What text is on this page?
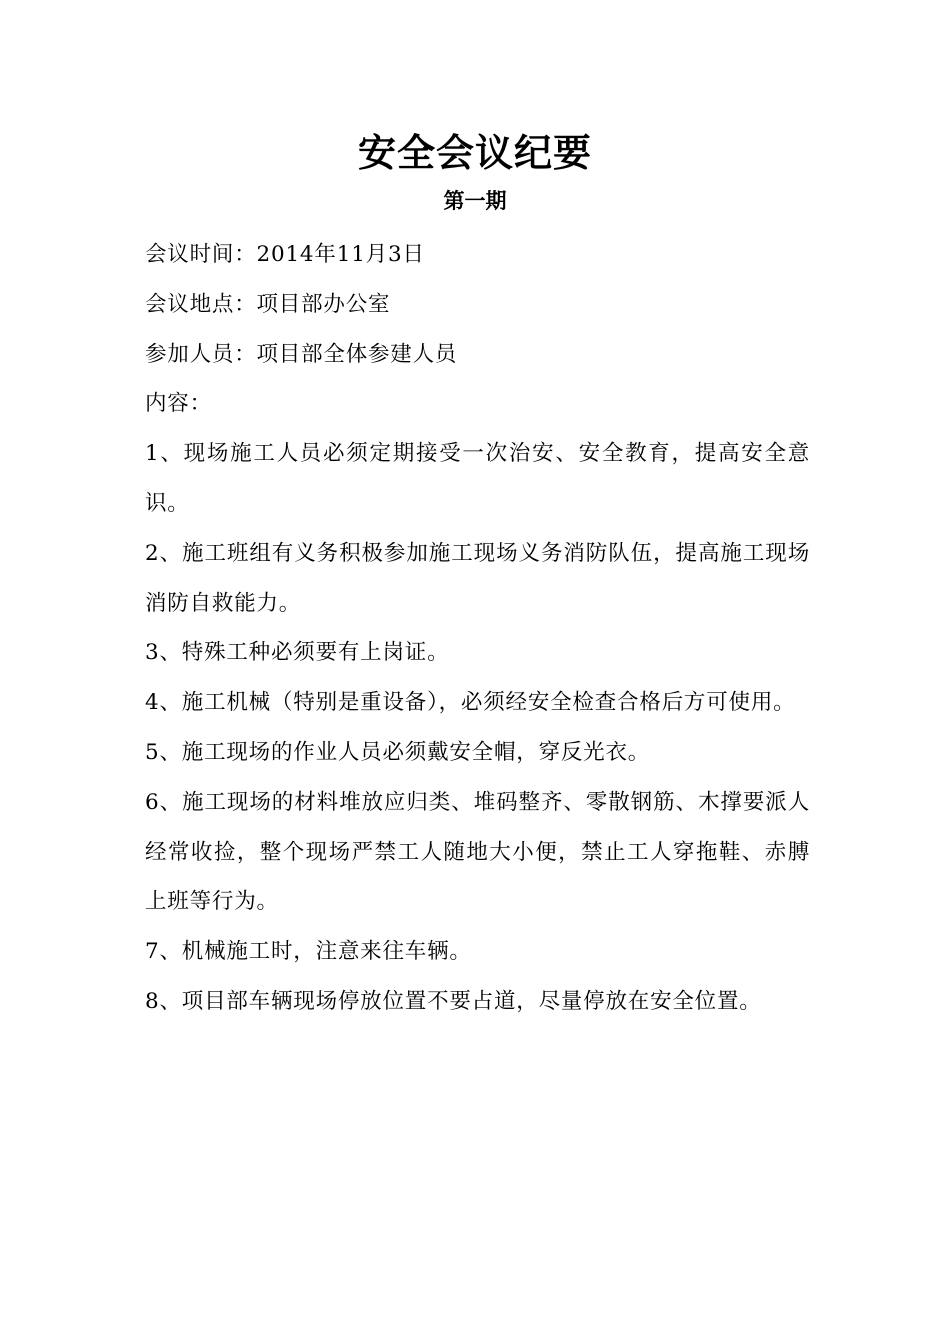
安全会议纪要
第一期

会议时间：2014年11月3日

会议地点：项目部办公室

参加人员：项目部全体参建人员

内容：

1、现场施工人员必须定期接受一次治安、安全教育，提高安全意识。

2、施工班组有义务积极参加施工现场义务消防队伍，提高施工现场消防自救能力。

3、特殊工种必须要有上岗证。

4、施工机械（特别是重设备），必须经安全检查合格后方可使用。

5、施工现场的作业人员必须戴安全帽，穿反光衣。

6、施工现场的材料堆放应归类、堆码整齐、零散钢筋、木撑要派人经常收捡，整个现场严禁工人随地大小便，禁止工人穿拖鞋、赤膊上班等行为。

7、机械施工时，注意来往车辆。

8、项目部车辆现场停放位置不要占道，尽量停放在安全位置。
